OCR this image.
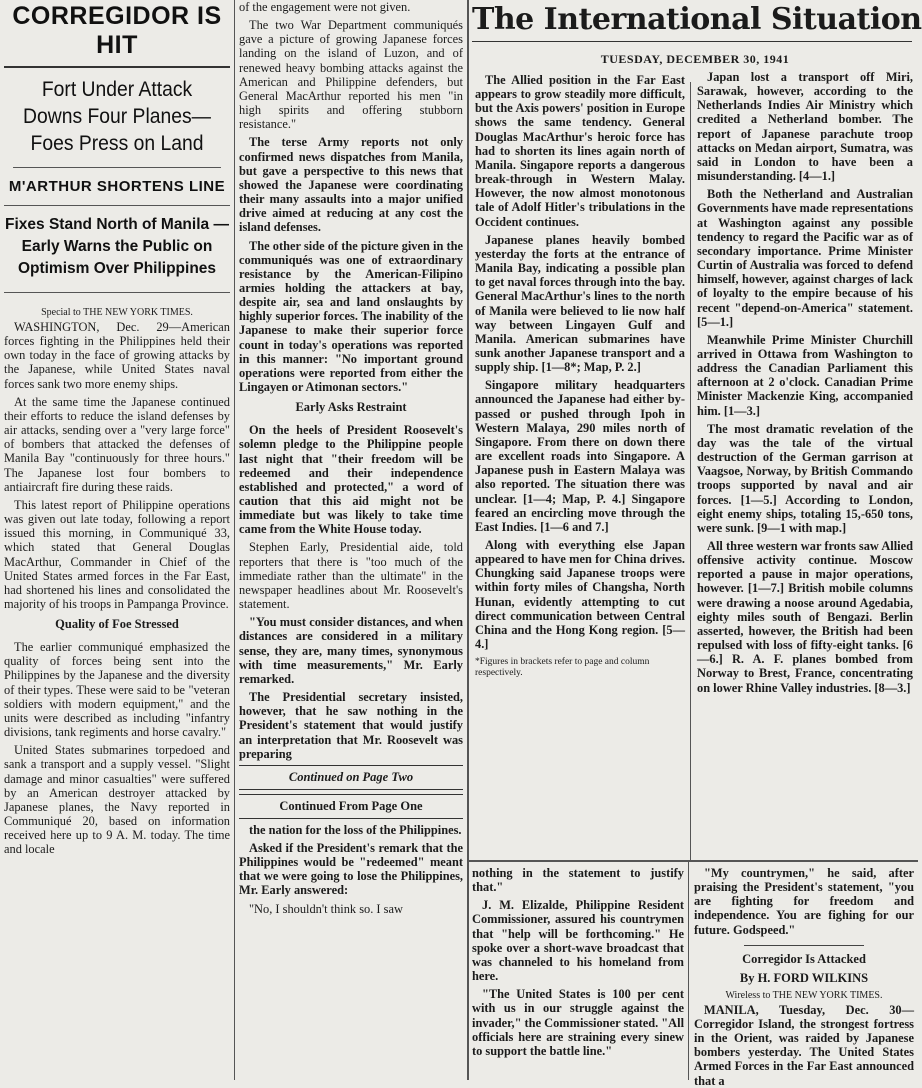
CORREGIDOR IS HIT
Fort Under Attack Downs Four Planes—Foes Press on Land
M'ARTHUR SHORTENS LINE
Fixes Stand North of Manila —Early Warns the Public on Optimism Over Philippines
Special to THE NEW YORK TIMES.

WASHINGTON, Dec. 29—American forces fighting in the Philippines held their own today in the face of growing attacks by the Japanese, while United States naval forces sank two more enemy ships.

At the same time the Japanese continued their efforts to reduce the island defenses by air attacks, sending over a "very large force" of bombers that attacked the defenses of Manila Bay "continuously for three hours." The Japanese lost four bombers to antiaircraft fire during these raids.

This latest report of Philippine operations was given out late today, following a report issued this morning, in Communiqué 33, which stated that General Douglas MacArthur, Commander in Chief of the United States armed forces in the Far East, had shortened his lines and consolidated the majority of his troops in Pampanga Province.

Quality of Foe Stressed

The earlier communiqué emphasized the quality of forces being sent into the Philippines by the Japanese and the diversity of their types. These were said to be "veteran soldiers with modern equipment," and the units were described as including "infantry divisions, tank regiments and horse cavalry."

United States submarines torpedoed and sank a transport and a supply vessel. "Slight damage and minor casualties" were suffered by an American destroyer attacked by Japanese planes, the Navy reported in Communiqué 20, based on information received here up to 9 A. M. today. The time and locale

of the engagement were not given.

The two War Department communiqués gave a picture of growing Japanese forces landing on the island of Luzon, and of renewed heavy bombing attacks against the American and Philippine defenders, but General MacArthur reported his men "in high spirits and offering stubborn resistance."

The terse Army reports not only confirmed news dispatches from Manila, but gave a perspective to this news that showed the Japanese were coordinating their many assaults into a major unified drive aimed at reducing at any cost the island defenses.

The other side of the picture given in the communiqués was one of extraordinary resistance by the American-Filipino armies holding the attackers at bay, despite air, sea and land onslaughts by highly superior forces. The inability of the Japanese to make their superior force count in today's operations was reported in this manner: "No important ground operations were reported from either the Lingayen or Atimonan sectors."

Early Asks Restraint

On the heels of President Roosevelt's solemn pledge to the Philippine people last night that "their freedom will be redeemed and their independence established and protected," a word of caution that this aid might not be immediate but was likely to take time came from the White House today.

Stephen Early, Presidential aide, told reporters that there is "too much of the immediate rather than the ultimate" in the newspaper headlines about Mr. Roosevelt's statement.

"You must consider distances, and when distances are considered in a military sense, they are, many times, synonymous with time measurements," Mr. Early remarked.

The Presidential secretary insisted, however, that he saw nothing in the President's statement that would justify an interpretation that Mr. Roosevelt was preparing

Continued on Page Two
Continued From Page One

the nation for the loss of the Philippines.

Asked if the President's remark that the Philippines would be "redeemed" meant that we were going to lose the Philippines, Mr. Early answered:

"No, I shouldn't think so. I saw

The International Situation
TUESDAY, DECEMBER 30, 1941

The Allied position in the Far East appears to grow steadily more difficult, but the Axis powers' position in Europe shows the same tendency. General Douglas MacArthur's heroic force has had to shorten its lines again north of Manila. Singapore reports a dangerous break-through in Western Malay. However, the now almost monotonous tale of Adolf Hitler's tribulations in the Occident continues.

Japanese planes heavily bombed yesterday the forts at the entrance of Manila Bay, indicating a possible plan to get naval forces through into the bay. General MacArthur's lines to the north of Manila were believed to lie now half way between Lingayen Gulf and Manila. American submarines have sunk another Japanese transport and a supply ship. [1—8*; Map, P. 2.]

Singapore military headquarters announced the Japanese had either by-passed or pushed through Ipoh in Western Malaya, 290 miles north of Singapore. From there on down there are excellent roads into Singapore. A Japanese push in Eastern Malaya was also reported. The situation there was unclear. [1—4; Map, P. 4.] Singapore feared an encircling move through the East Indies. [1—6 and 7.]

Along with everything else Japan appeared to have men for China drives. Chungking said Japanese troops were within forty miles of Changsha, North Hunan, evidently attempting to cut direct communication between Central China and the Hong Kong region. [5—4.]

*Figures in brackets refer to page and column respectively.

Japan lost a transport off Miri, Sarawak, however, according to the Netherlands Indies Air Ministry which credited a Netherland bomber. The report of Japanese parachute troop attacks on Medan airport, Sumatra, was said in London to have been a misunderstanding. [4—1.]

Both the Netherland and Australian Governments have made representations at Washington against any possible tendency to regard the Pacific war as of secondary importance. Prime Minister Curtin of Australia was forced to defend himself, however, against charges of lack of loyalty to the empire because of his recent "depend-on-America" statement. [5—1.]

Meanwhile Prime Minister Churchill arrived in Ottawa from Washington to address the Canadian Parliament this afternoon at 2 o'clock. Canadian Prime Minister Mackenzie King, accompanied him. [1—3.]

The most dramatic revelation of the day was the tale of the virtual destruction of the German garrison at Vaagsoe, Norway, by British Commando troops supported by naval and air forces. [1—5.] According to London, eight enemy ships, totaling 15,-650 tons, were sunk. [9—1 with map.]

All three western war fronts saw Allied offensive activity continue. Moscow reported a pause in major operations, however. [1—7.] British mobile columns were drawing a noose around Agedabia, eighty miles south of Bengazi. Berlin asserted, however, the British had been repulsed with loss of fifty-eight tanks. [6—6.] R. A. F. planes bombed from Norway to Brest, France, concentrating on lower Rhine Valley industries. [8—3.]

nothing in the statement to justify that."

J. M. Elizalde, Philippine Resident Commissioner, assured his countrymen that "help will be forthcoming." He spoke over a short-wave broadcast that was channeled to his homeland from here.

"The United States is 100 per cent with us in our struggle against the invader," the Commissioner stated. "All officials here are straining every sinew to support the battle line."

"My countrymen," he said, after praising the President's statement, "you are fighting for freedom and independence. You are fighing for our future. Godspeed."

Corregidor Is Attacked
By H. FORD WILKINS
Wireless to THE NEW YORK TIMES.

MANILA, Tuesday, Dec. 30—Corregidor Island, the strongest fortress in the Orient, was raided by Japanese bombers yesterday. The United States Armed Forces in the Far East announced that a
